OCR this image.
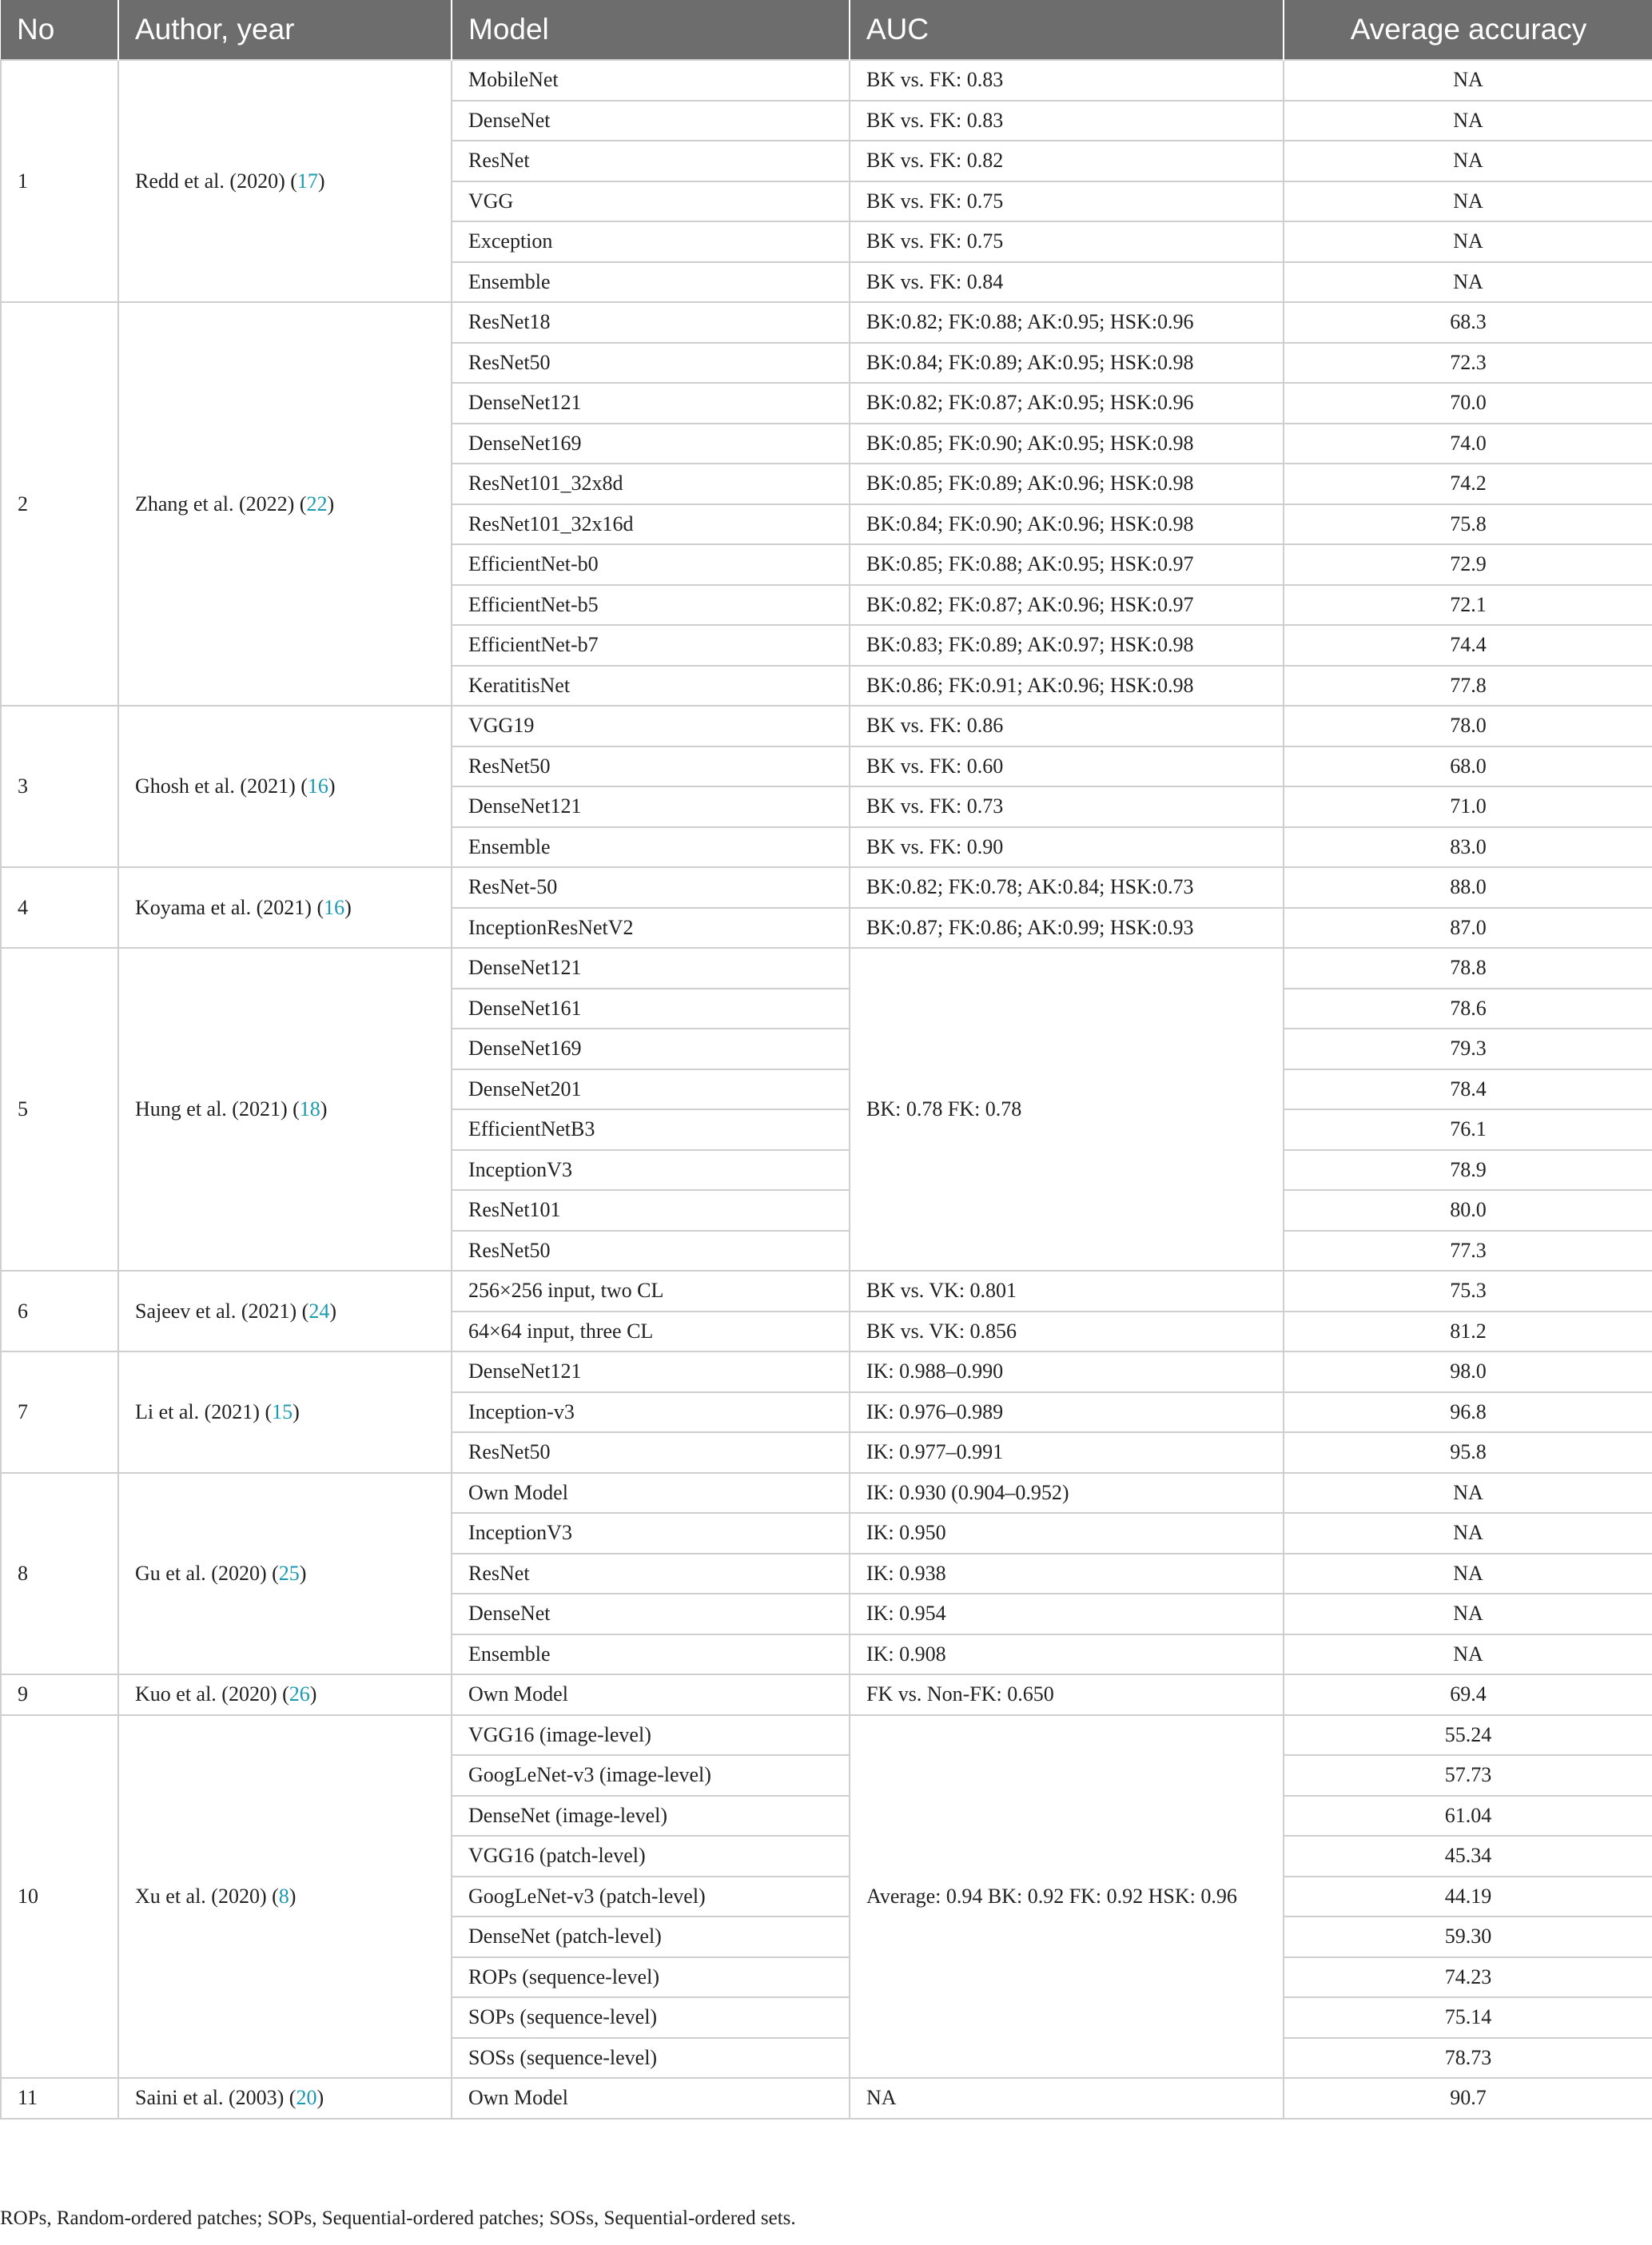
No	Author, year	Model	AUC	Average accuracy
1	Redd et al. (2020) (17)	MobileNet	BK vs. FK: 0.83	NA
		DenseNet	BK vs. FK: 0.83	NA
		ResNet	BK vs. FK: 0.82	NA
		VGG	BK vs. FK: 0.75	NA
		Exception	BK vs. FK: 0.75	NA
		Ensemble	BK vs. FK: 0.84	NA
2	Zhang et al. (2022) (22)	ResNet18	BK:0.82; FK:0.88; AK:0.95; HSK:0.96	68.3
		ResNet50	BK:0.84; FK:0.89; AK:0.95; HSK:0.98	72.3
		DenseNet121	BK:0.82; FK:0.87; AK:0.95; HSK:0.96	70.0
		DenseNet169	BK:0.85; FK:0.90; AK:0.95; HSK:0.98	74.0
		ResNet101_32x8d	BK:0.85; FK:0.89; AK:0.96; HSK:0.98	74.2
		ResNet101_32x16d	BK:0.84; FK:0.90; AK:0.96; HSK:0.98	75.8
		EfficientNet-b0	BK:0.85; FK:0.88; AK:0.95; HSK:0.97	72.9
		EfficientNet-b5	BK:0.82; FK:0.87; AK:0.96; HSK:0.97	72.1
		EfficientNet-b7	BK:0.83; FK:0.89; AK:0.97; HSK:0.98	74.4
		KeratitisNet	BK:0.86; FK:0.91; AK:0.96; HSK:0.98	77.8
3	Ghosh et al. (2021) (16)	VGG19	BK vs. FK: 0.86	78.0
		ResNet50	BK vs. FK: 0.60	68.0
		DenseNet121	BK vs. FK: 0.73	71.0
		Ensemble	BK vs. FK: 0.90	83.0
4	Koyama et al. (2021) (16)	ResNet-50	BK:0.82; FK:0.78; AK:0.84; HSK:0.73	88.0
		InceptionResNetV2	BK:0.87; FK:0.86; AK:0.99; HSK:0.93	87.0
5	Hung et al. (2021) (18)	DenseNet121	BK: 0.78 FK: 0.78	78.8
		DenseNet161		78.6
		DenseNet169		79.3
		DenseNet201		78.4
		EfficientNetB3		76.1
		InceptionV3		78.9
		ResNet101		80.0
		ResNet50		77.3
6	Sajeev et al. (2021) (24)	256×256 input, two CL	BK vs. VK: 0.801	75.3
		64×64 input, three CL	BK vs. VK: 0.856	81.2
7	Li et al. (2021) (15)	DenseNet121	IK: 0.988–0.990	98.0
		Inception-v3	IK: 0.976–0.989	96.8
		ResNet50	IK: 0.977–0.991	95.8
8	Gu et al. (2020) (25)	Own Model	IK: 0.930 (0.904–0.952)	NA
		InceptionV3	IK: 0.950	NA
		ResNet	IK: 0.938	NA
		DenseNet	IK: 0.954	NA
		Ensemble	IK: 0.908	NA
9	Kuo et al. (2020) (26)	Own Model	FK vs. Non-FK: 0.650	69.4
10	Xu et al. (2020) (8)	VGG16 (image-level)	Average: 0.94 BK: 0.92 FK: 0.92 HSK: 0.96	55.24
		GoogLeNet-v3 (image-level)		57.73
		DenseNet (image-level)		61.04
		VGG16 (patch-level)		45.34
		GoogLeNet-v3 (patch-level)		44.19
		DenseNet (patch-level)		59.30
		ROPs (sequence-level)		74.23
		SOPs (sequence-level)		75.14
		SOSs (sequence-level)		78.73
11	Saini et al. (2003) (20)	Own Model	NA	90.7
ROPs, Random-ordered patches; SOPs, Sequential-ordered patches; SOSs, Sequential-ordered sets.
